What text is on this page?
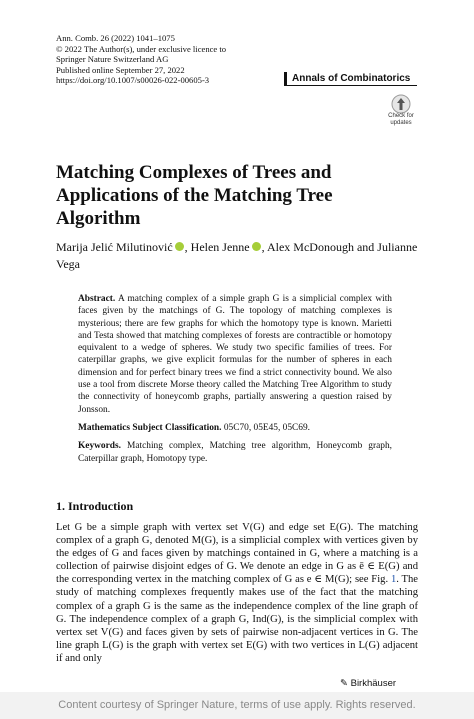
Ann. Comb. 26 (2022) 1041–1075
© 2022 The Author(s), under exclusive licence to
Springer Nature Switzerland AG
Published online September 27, 2022
https://doi.org/10.1007/s00026-022-00605-3	Annals of Combinatorics
Check for
updates
Matching Complexes of Trees and Applications of the Matching Tree Algorithm
Marija Jelić Milutinović , Helen Jenne , Alex McDonough and Julianne Vega

Abstract. A matching complex of a simple graph G is a simplicial complex with faces given by the matchings of G. The topology of matching complexes is mysterious; there are few graphs for which the homotopy type is known. Marietti and Testa showed that matching complexes of forests are contractible or homotopy equivalent to a wedge of spheres. We study two specific families of trees. For caterpillar graphs, we give explicit formulas for the number of spheres in each dimension and for perfect binary trees we find a strict connectivity bound. We also use a tool from discrete Morse theory called the Matching Tree Algorithm to study the connectivity of honeycomb graphs, partially answering a question raised by Jonsson.

Mathematics Subject Classification. 05C70, 05E45, 05C69.

Keywords. Matching complex, Matching tree algorithm, Honeycomb graph, Caterpillar graph, Homotopy type.

1. Introduction

Let G be a simple graph with vertex set V(G) and edge set E(G). The matching complex of a graph G, denoted M(G), is a simplicial complex with vertices given by the edges of G and faces given by matchings contained in G, where a matching is a collection of pairwise disjoint edges of G. We denote an edge in G as ē ∈ E(G) and the corresponding vertex in the matching complex of G as e ∈ M(G); see Fig. 1. The study of matching complexes frequently makes use of the fact that the matching complex of a graph G is the same as the independence complex of the line graph of G. The independence complex of a graph G, Ind(G), is the simplicial complex with vertex set V(G) and faces given by sets of pairwise non-adjacent vertices in G. The line graph L(G) is the graph with vertex set E(G) with two vertices in L(G) adjacent if and only

✎ Birkhäuser
Content courtesy of Springer Nature, terms of use apply. Rights reserved.
